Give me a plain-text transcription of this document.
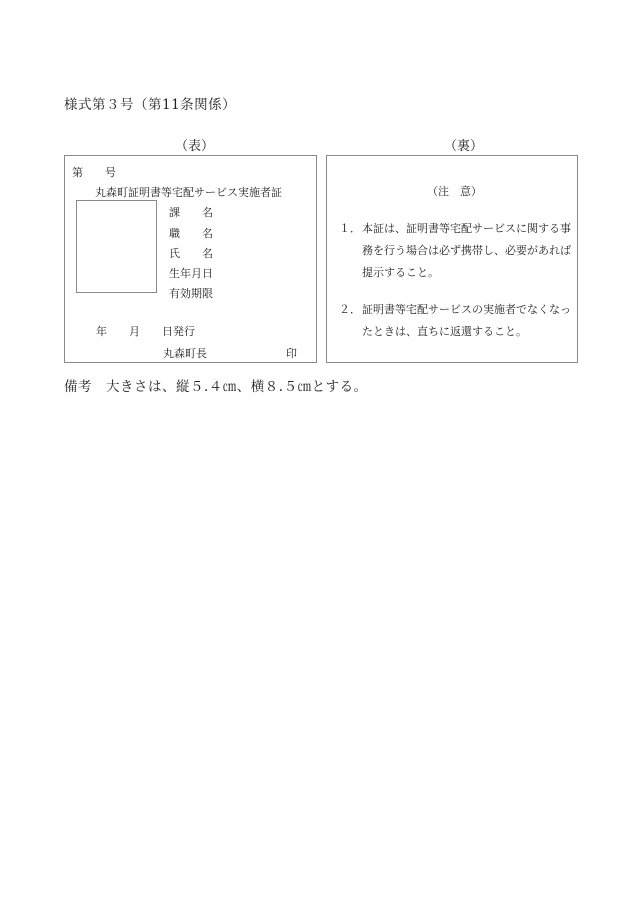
様式第３号（第11条関係）
（表）	（裏）
第　　号
丸森町証明書等宅配サービス実施者証
課　　名
職　　名
氏　　名
生年月日
有効期限
年　　月　　日発行
丸森町長	印
（注　意）
１． 本証は、証明書等宅配サービスに関する事
務を行う場合は必ず携帯し、必要があれば
提示すること。
２． 証明書等宅配サービスの実施者でなくなっ
たときは、直ちに返還すること。
備考　大きさは、縦５.４㎝、横８.５㎝とする。
